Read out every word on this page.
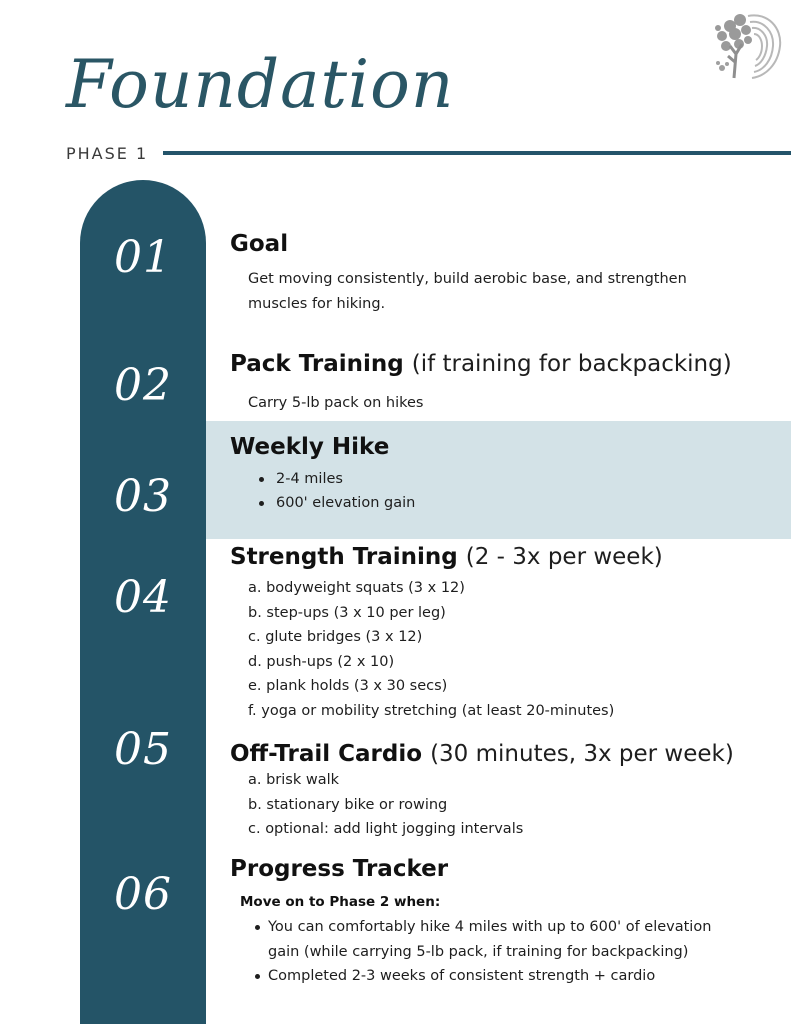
Foundation
PHASE 1
01
02
03
04
05
06
Goal
Get moving consistently, build aerobic base, and strengthen
muscles for hiking.
Pack Training (if training for backpacking)
Carry 5-lb pack on hikes
Weekly Hike
2-4 miles
600' elevation gain
Strength Training (2 - 3x per week)
a. bodyweight squats (3 x 12)
b. step-ups (3 x 10 per leg)
c. glute bridges (3 x 12)
d. push-ups (2 x 10)
e. plank holds (3 x 30 secs)
f. yoga or mobility stretching (at least 20-minutes)
Off-Trail Cardio (30 minutes, 3x per week)
a. brisk walk
b. stationary bike or rowing
c. optional: add light jogging intervals
Progress Tracker
Move on to Phase 2 when:
You can comfortably hike 4 miles with up to 600' of elevation
gain (while carrying 5-lb pack, if training for backpacking)
Completed 2-3 weeks of consistent strength + cardio
